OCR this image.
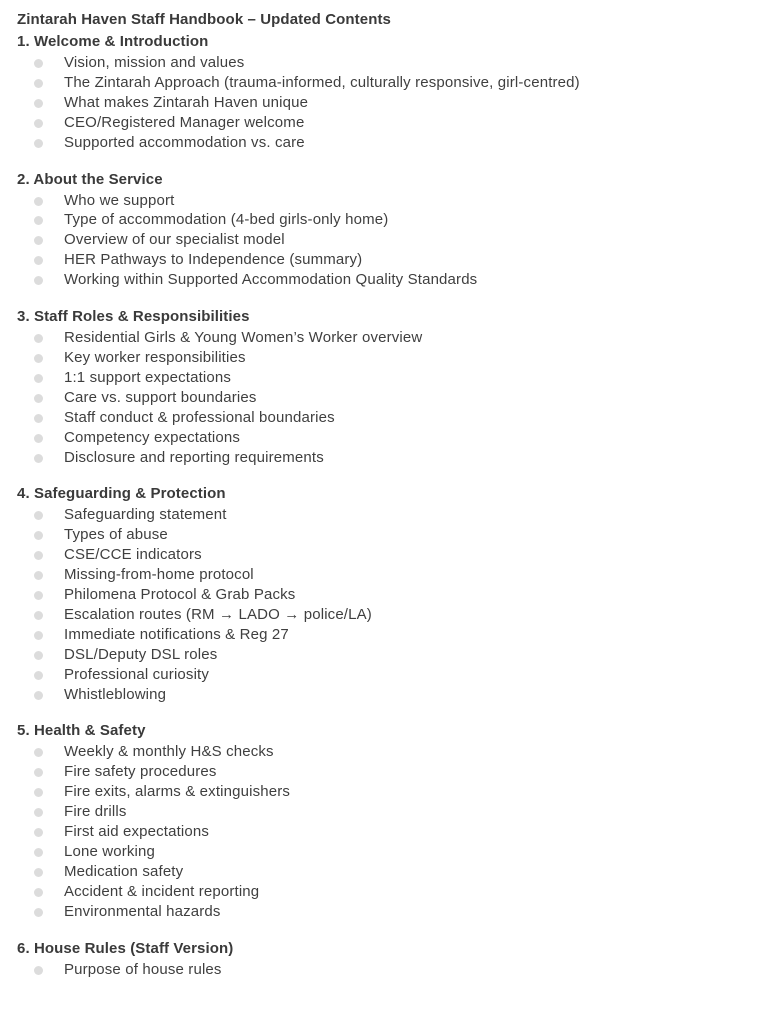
Zintarah Haven Staff Handbook – Updated Contents
1. Welcome & Introduction
Vision, mission and values
The Zintarah Approach (trauma-informed, culturally responsive, girl-centred)
What makes Zintarah Haven unique
CEO/Registered Manager welcome
Supported accommodation vs. care
2. About the Service
Who we support
Type of accommodation (4-bed girls-only home)
Overview of our specialist model
HER Pathways to Independence (summary)
Working within Supported Accommodation Quality Standards
3. Staff Roles & Responsibilities
Residential Girls & Young Women’s Worker overview
Key worker responsibilities
1:1 support expectations
Care vs. support boundaries
Staff conduct & professional boundaries
Competency expectations
Disclosure and reporting requirements
4. Safeguarding & Protection
Safeguarding statement
Types of abuse
CSE/CCE indicators
Missing-from-home protocol
Philomena Protocol & Grab Packs
Escalation routes (RM → LADO → police/LA)
Immediate notifications & Reg 27
DSL/Deputy DSL roles
Professional curiosity
Whistleblowing
5. Health & Safety
Weekly & monthly H&S checks
Fire safety procedures
Fire exits, alarms & extinguishers
Fire drills
First aid expectations
Lone working
Medication safety
Accident & incident reporting
Environmental hazards
6. House Rules (Staff Version)
Purpose of house rules
